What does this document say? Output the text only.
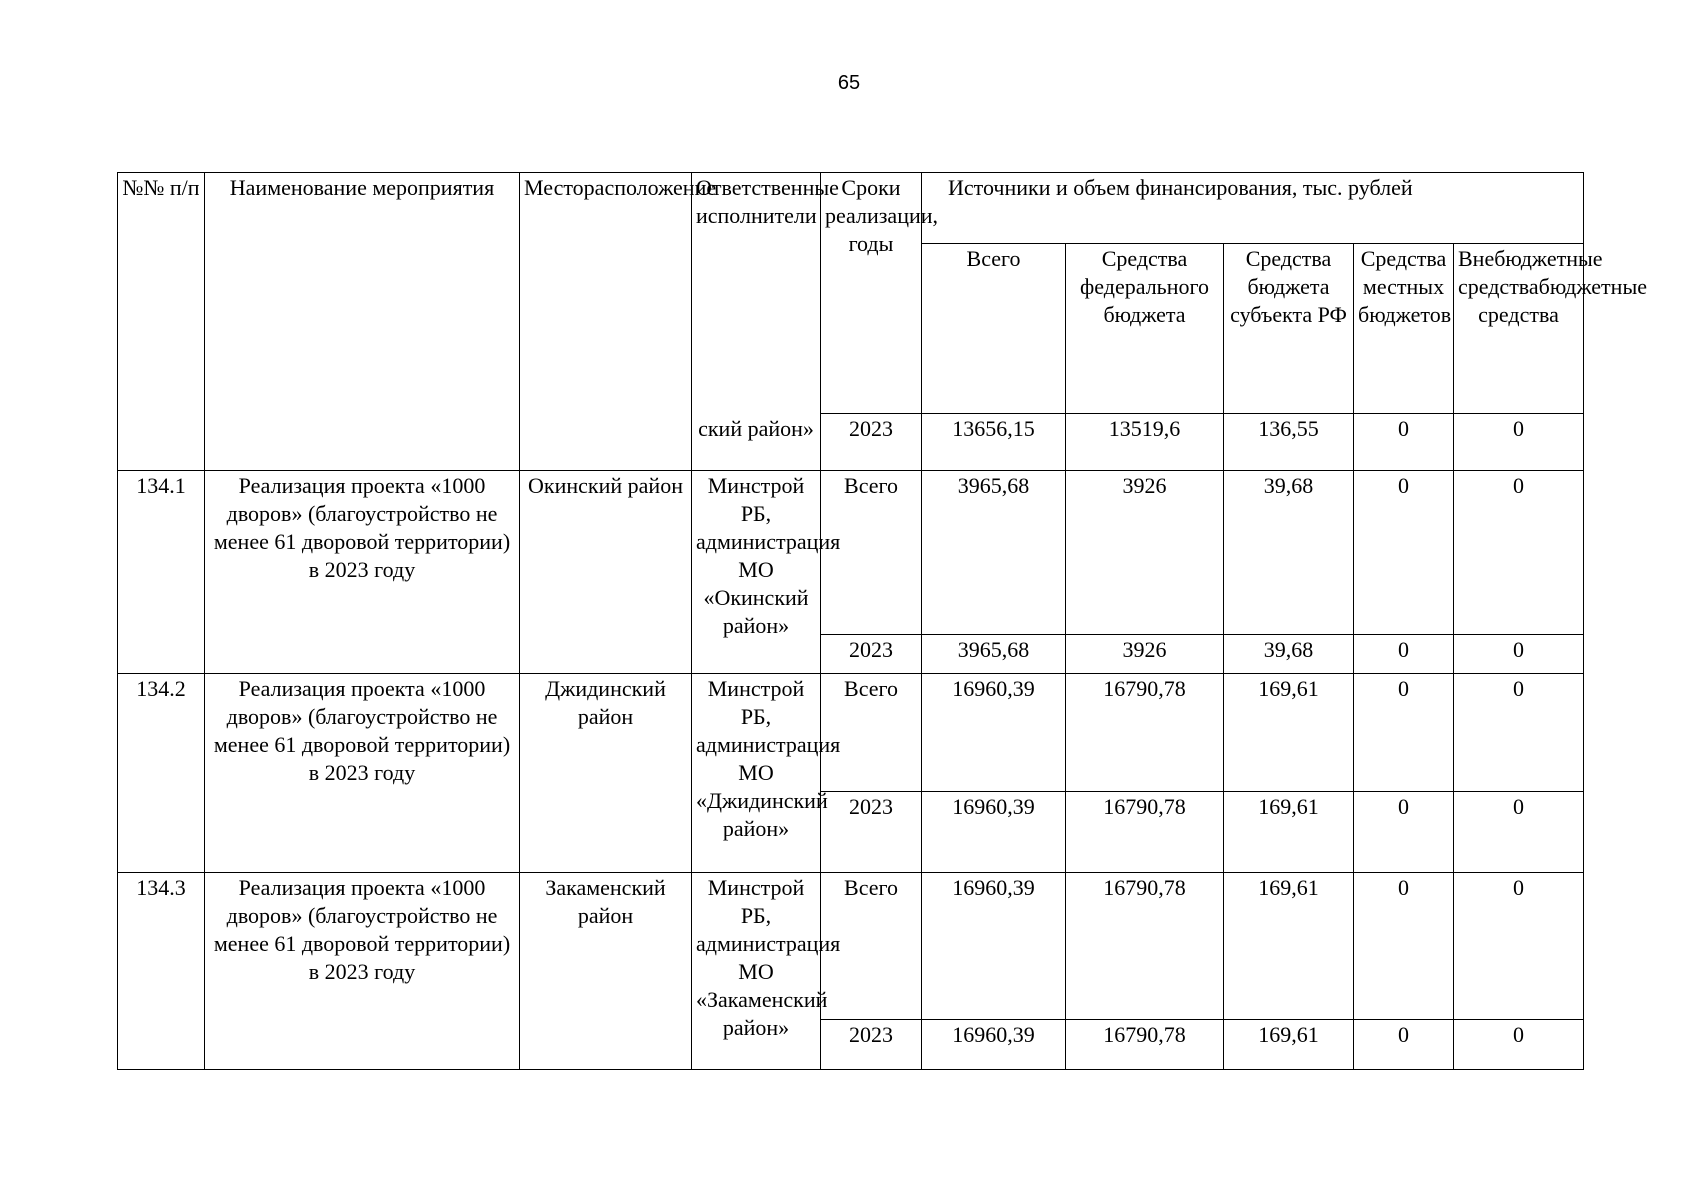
65
№№ п/п	Наименование мероприятия	Месторасположение	Ответственные исполнители	Сроки реализации, годы	Источники и объем финансирования, тыс. рублей				

					Всего	Средства федерального бюджета	Средства бюджета субъекта РФ	Средства местных бюджетов	Внебюджетные средствабюджетные средства

			ский район»	2023	13656,15	13519,6	136,55	0	0

134.1	Реализация проекта «1000 дворов» (благоустройство не менее 61 дворовой территории) в 2023 году	Окинский район	Минстрой РБ, администрация МО «Окинский район»	Всего	3965,68	3926	39,68	0	0

				2023	3965,68	3926	39,68	0	0

134.2	Реализация проекта «1000 дворов» (благоустройство не менее 61 дворовой территории) в 2023 году	Джидинский район	Минстрой РБ, администрация МО «Джидинский район»	Всего	16960,39	16790,78	169,61	0	0

				2023	16960,39	16790,78	169,61	0	0

134.3	Реализация проекта «1000 дворов» (благоустройство не менее 61 дворовой территории) в 2023 году	Закаменский район	Минстрой РБ, администрация МО «Закаменский район»	Всего	16960,39	16790,78	169,61	0	0

				2023	16960,39	16790,78	169,61	0	0
